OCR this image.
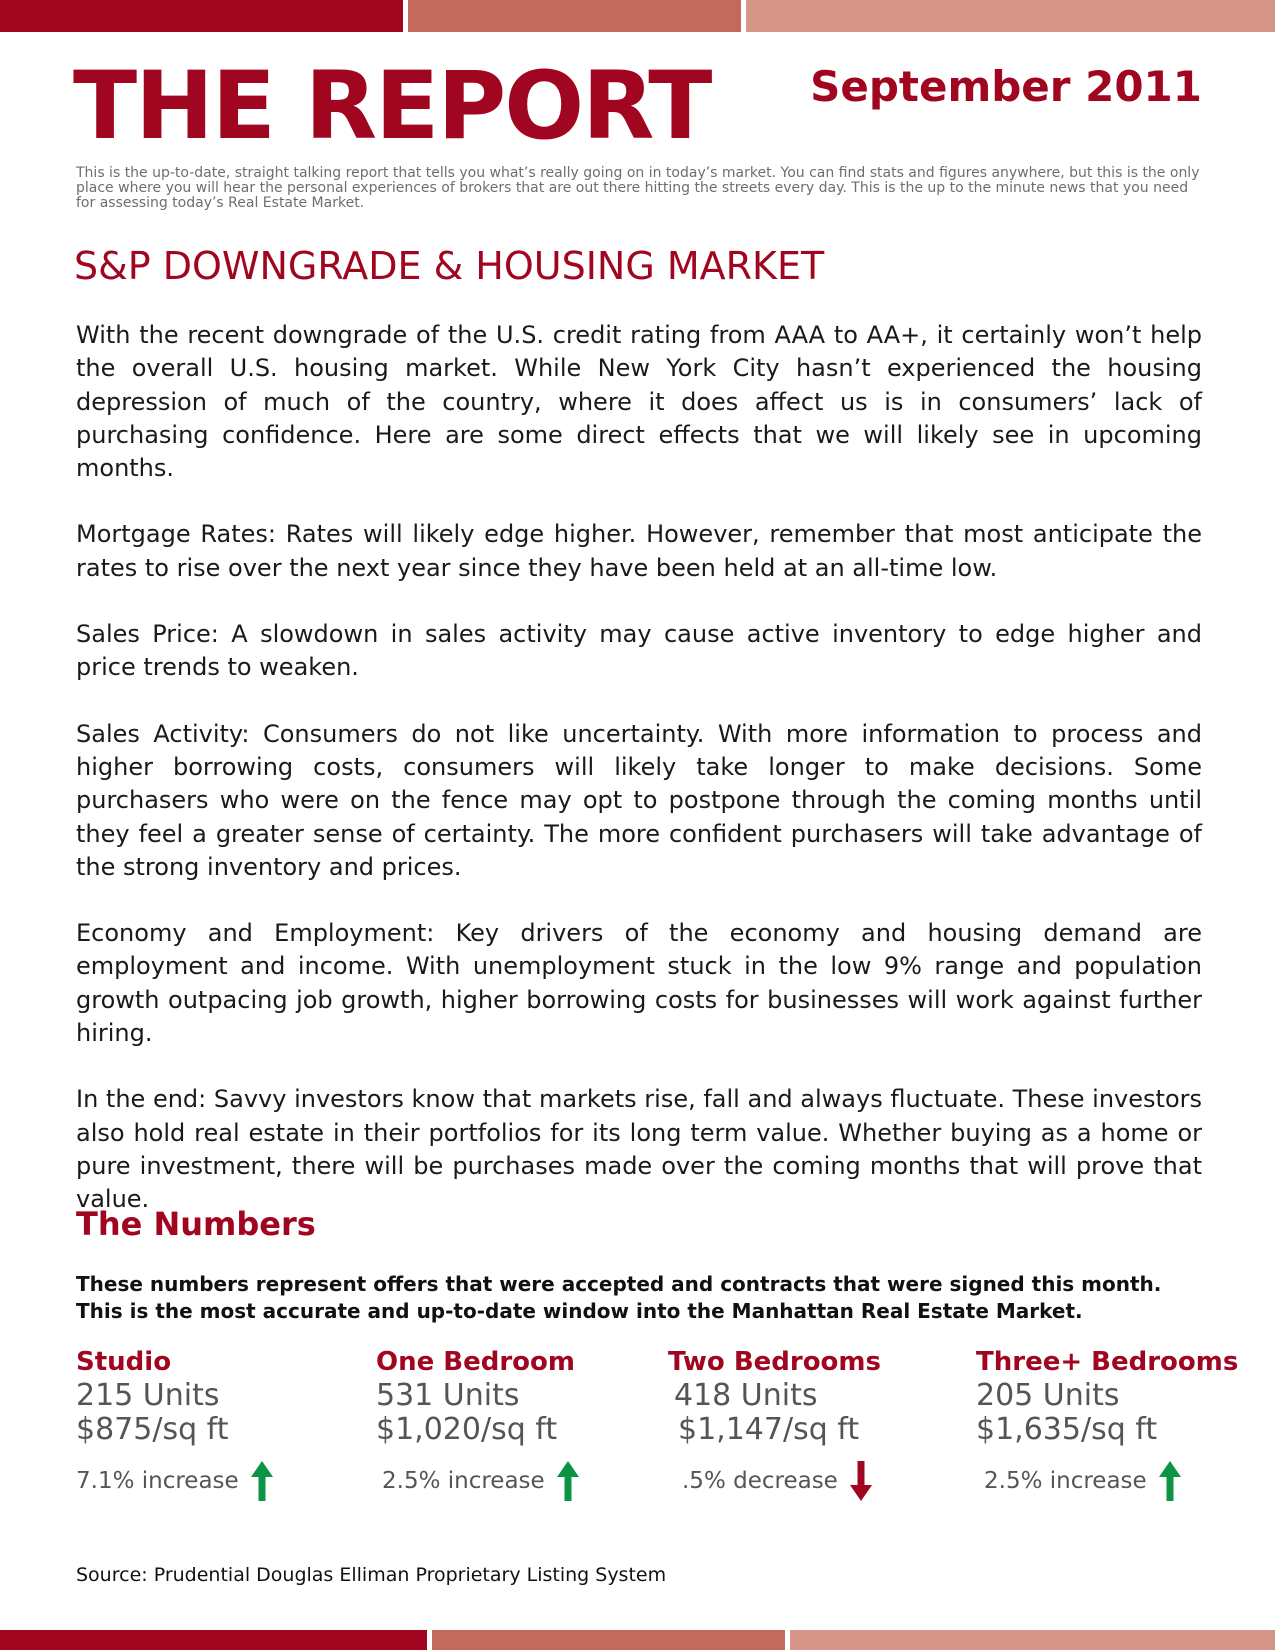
THE REPORT September 2011

This is the up-to-date, straight talking report that tells you what’s really going on in today’s market. You can find stats and figures anywhere, but this is the only place where you will hear the personal experiences of brokers that are out there hitting the streets every day. This is the up to the minute news that you need for assessing today’s Real Estate Market.

S&P DOWNGRADE & HOUSING MARKET

With the recent downgrade of the U.S. credit rating from AAA to AA+, it certainly won’t help the overall U.S. housing market. While New York City hasn’t experienced the housing depression of much of the country, where it does affect us is in consumers’ lack of purchasing confidence. Here are some direct effects that we will likely see in upcoming months.

Mortgage Rates: Rates will likely edge higher. However, remember that most anticipate the rates to rise over the next year since they have been held at an all-time low.

Sales Price: A slowdown in sales activity may cause active inventory to edge higher and price trends to weaken.

Sales Activity: Consumers do not like uncertainty. With more information to process and higher borrowing costs, consumers will likely take longer to make decisions. Some purchasers who were on the fence may opt to postpone through the coming months until they feel a greater sense of certainty. The more confident purchasers will take advantage of the strong inventory and prices.

Economy and Employment: Key drivers of the economy and housing demand are employment and income. With unemployment stuck in the low 9% range and population growth outpacing job growth, higher borrowing costs for businesses will work against further hiring.

In the end: Savvy investors know that markets rise, fall and always fluctuate. These investors also hold real estate in their portfolios for its long term value. Whether buying as a home or pure investment, there will be purchases made over the coming months that will prove that value.

The Numbers

These numbers represent offers that were accepted and contracts that were signed this month. This is the most accurate and up-to-date window into the Manhattan Real Estate Market.

Studio
215 Units
$875/sq ft
7.1% increase
One Bedroom
531 Units
$1,020/sq ft
2.5% increase
Two Bedrooms
418 Units
$1,147/sq ft
.5% decrease
Three+ Bedrooms
205 Units
$1,635/sq ft
2.5% increase

Source: Prudential Douglas Elliman Proprietary Listing System
